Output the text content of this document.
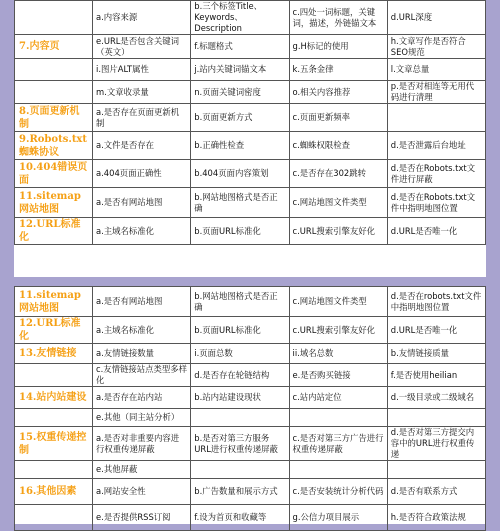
	a.内容来源	b.三个标签Title、Keywords、Description	c.四处一词标题，关键词，描述，外链锚文本	d.URL深度
7.内容页	e.URL是否包含关键词（英文）	f.标题格式	g.H标记的使用	h.文章写作是否符合SEO规范
	i.图片ALT属性	j.站内关键词锚文本	k.五条金律	l.文章总量
	m.文章收录量	n.页面关键词密度	o.相关内容推荐	p.是否对相连等无用代码进行清理
8.页面更新机制	a.是否存在页面更新机制	b.页面更新方式	c.页面更新频率	
9.Robots.txt蜘蛛协议	a.文件是否存在	b.正确性检查	c.蜘蛛权限检查	d.是否泄露后台地址
10.404错误页面	a.404页面正确性	b.404页面内容策划	c.是否存在302跳转	d.是否在Robots.txt文件进行屏蔽
11.sitemap网站地图	a.是否有网站地图	b.网站地图格式是否正确	c.网站地图文件类型	d.是否在Robots.txt文件中指明地图位置
12.URL标准化	a.主域名标准化	b.页面URL标准化	c.URL搜索引擎友好化	d.URL是否唯一化
11.sitemap网站地图	a.是否有网站地图	b.网站地图格式是否正确	c.网站地图文件类型	d.是否在robots.txt文件中指明地图位置
12.URL标准化	a.主域名标准化	b.页面URL标准化	c.URL搜索引擎友好化	d.URL是否唯一化
13.友情链接	a.友情链接数量	i.页面总数	ii.域名总数	b.友情链接质量
	c.友情链接站点类型多样化	d.是否存在轮链结构	e.是否购买链接	f.是否使用heilian
14.站内站建设	a.是否存在站内站	b.站内站建设现状	c.站内站定位	d.一级目录或二级域名
	e.其他（同主站分析）			
15.权重传递控制	a.是否对非重要内容进行权重传递屏蔽	b.是否对第三方服务URL进行权重传递屏蔽	c.是否对第三方广告进行权重传递屏蔽	d.是否对第三方提交内容中的URL进行权重传递
	e.其他屏蔽			
16.其他因素	a.网站安全性	b.广告数量和展示方式	c.是否安装统计分析代码	d.是否有联系方式
	e.是否提供RSS订阅	f.设为首页和收藏等	g.公信力项目展示	h.是否符合政策法规
